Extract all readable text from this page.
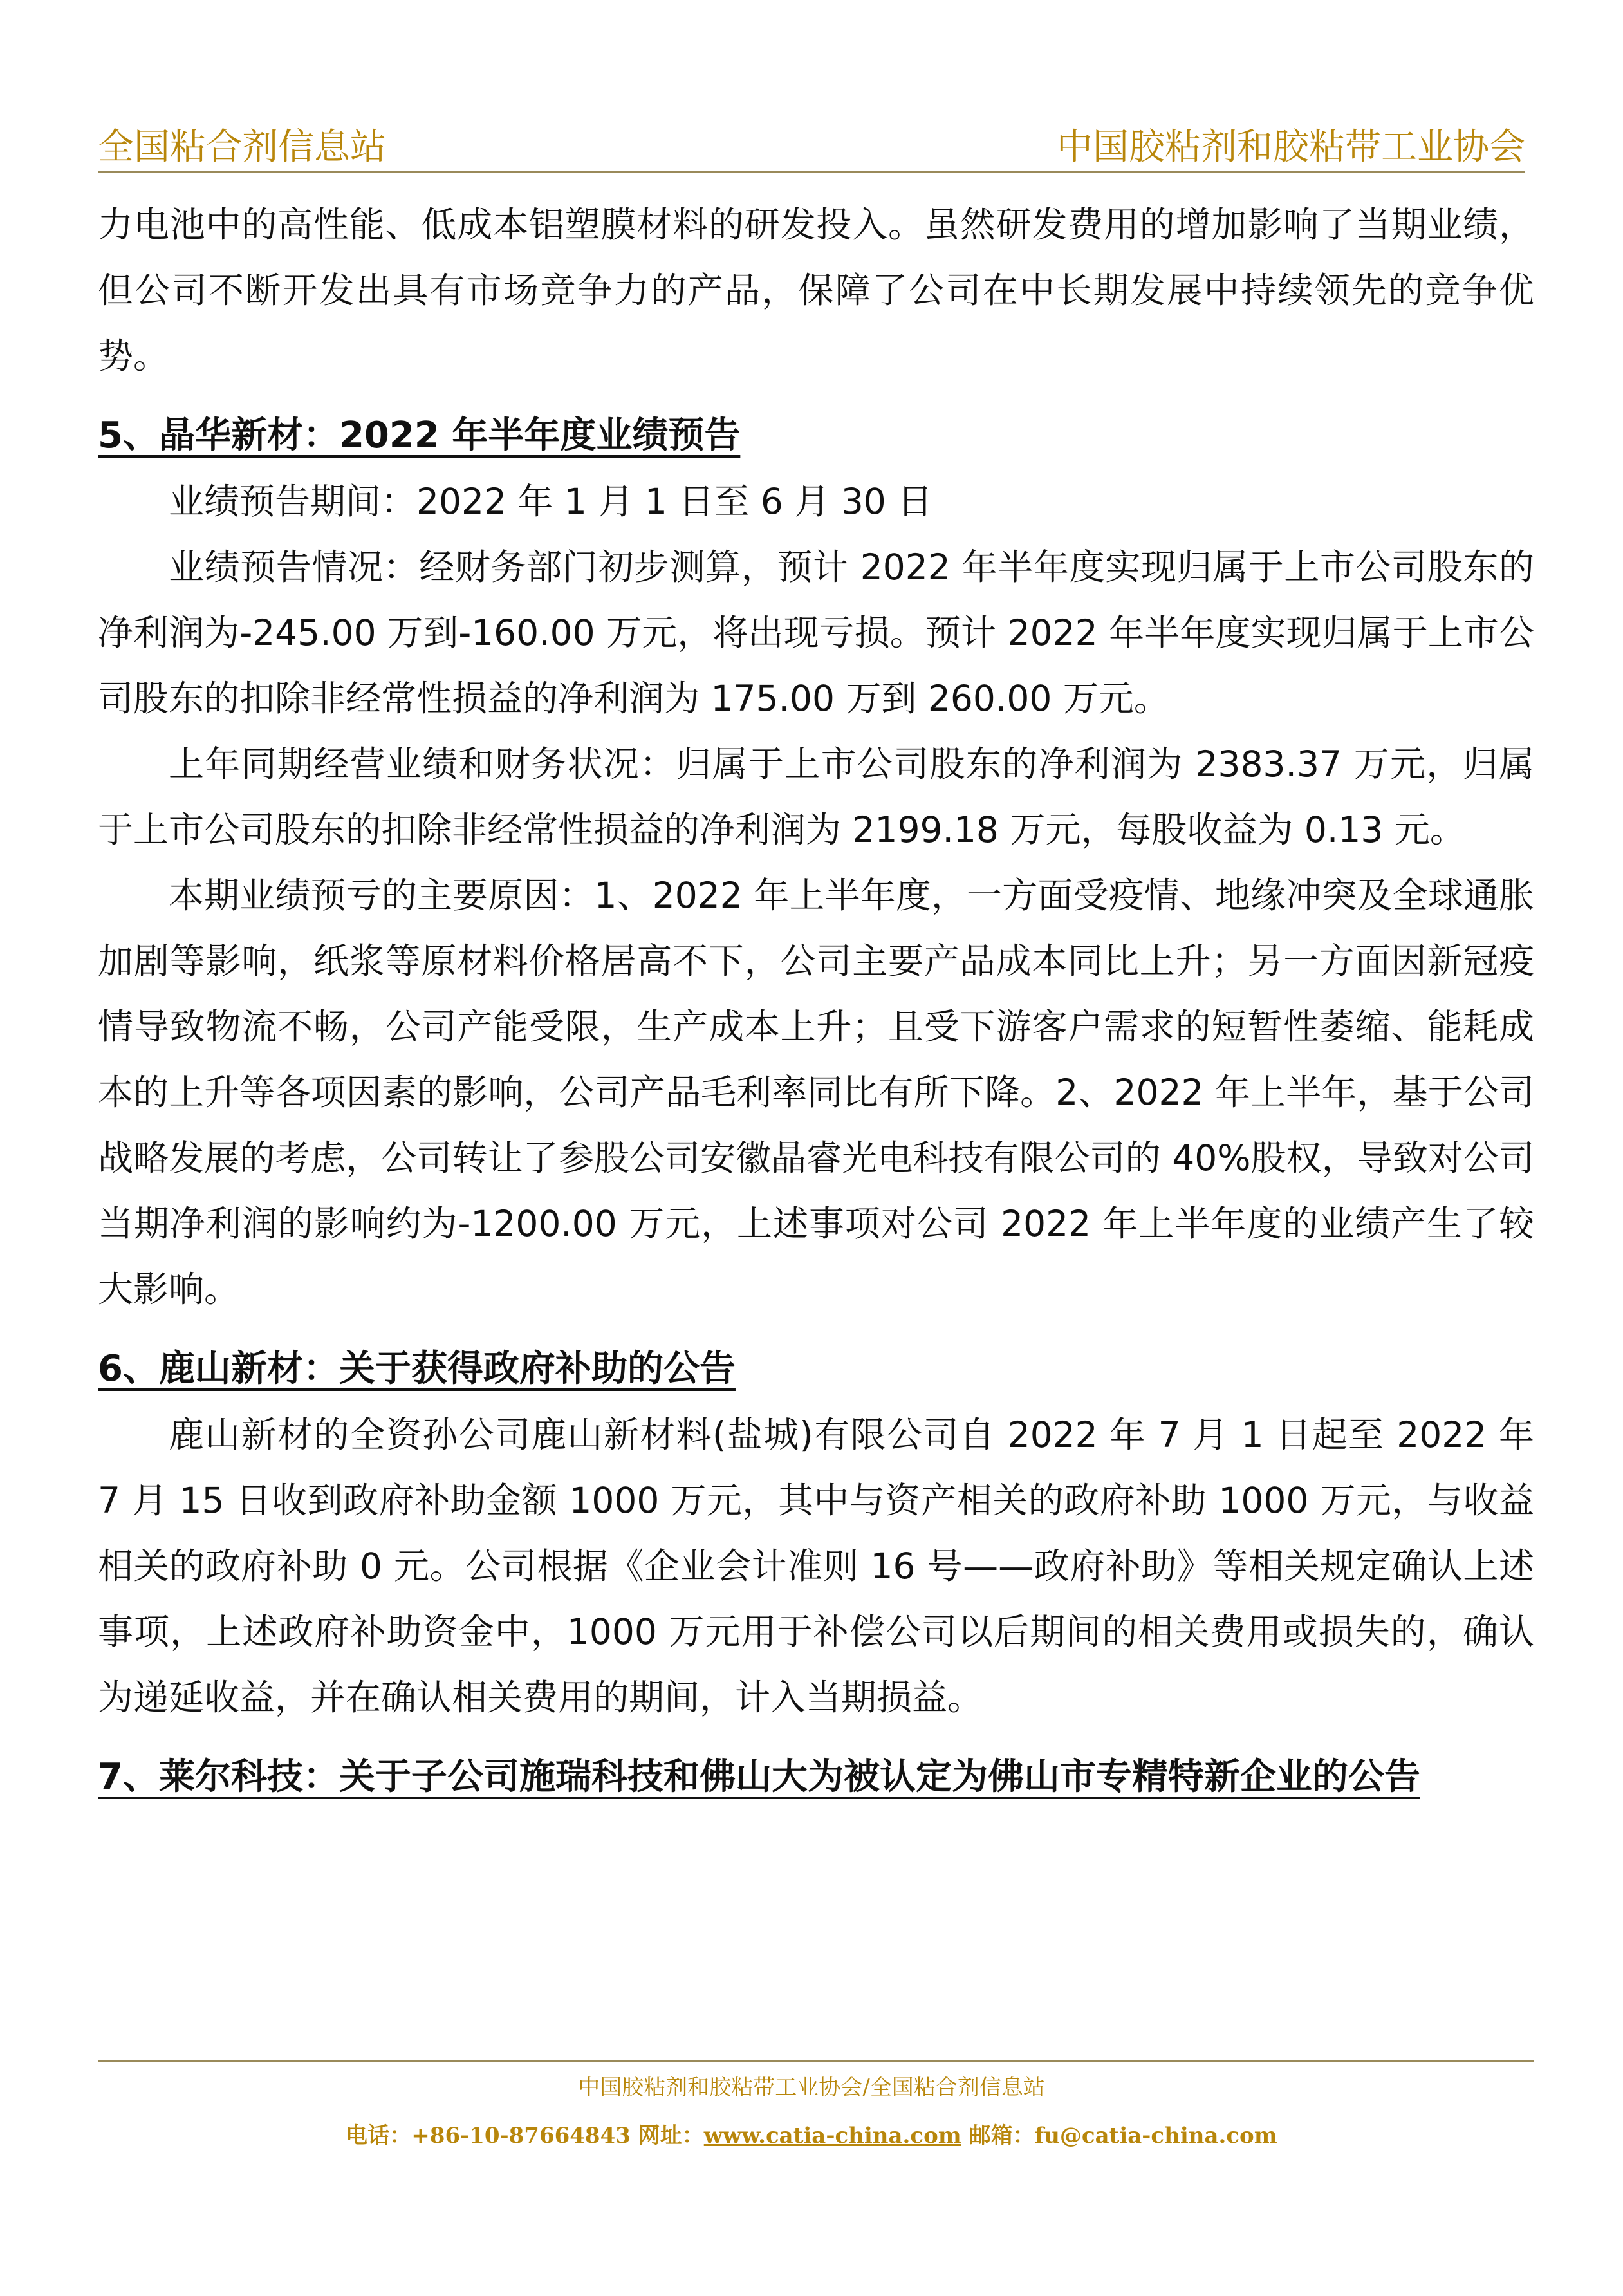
全国粘合剂信息站	中国胶粘剂和胶粘带工业协会

力电池中的高性能、低成本铝塑膜材料的研发投入。虽然研发费用的增加影响了当期业绩，但公司不断开发出具有市场竞争力的产品，保障了公司在中长期发展中持续领先的竞争优势。

5、晶华新材：2022 年半年度业绩预告

业绩预告期间：2022 年 1 月 1 日至 6 月 30 日

业绩预告情况：经财务部门初步测算，预计 2022 年半年度实现归属于上市公司股东的净利润为-245.00 万到-160.00 万元，将出现亏损。预计 2022 年半年度实现归属于上市公司股东的扣除非经常性损益的净利润为 175.00 万到 260.00 万元。

上年同期经营业绩和财务状况：归属于上市公司股东的净利润为 2383.37 万元，归属于上市公司股东的扣除非经常性损益的净利润为 2199.18 万元，每股收益为 0.13 元。

本期业绩预亏的主要原因：1、2022 年上半年度，一方面受疫情、地缘冲突及全球通胀加剧等影响，纸浆等原材料价格居高不下，公司主要产品成本同比上升；另一方面因新冠疫情导致物流不畅，公司产能受限，生产成本上升；且受下游客户需求的短暂性萎缩、能耗成本的上升等各项因素的影响，公司产品毛利率同比有所下降。2、2022 年上半年，基于公司战略发展的考虑，公司转让了参股公司安徽晶睿光电科技有限公司的 40%股权，导致对公司当期净利润的影响约为-1200.00 万元，上述事项对公司 2022 年上半年度的业绩产生了较大影响。

6、鹿山新材：关于获得政府补助的公告

鹿山新材的全资孙公司鹿山新材料(盐城)有限公司自 2022 年 7 月 1 日起至 2022 年 7 月 15 日收到政府补助金额 1000 万元，其中与资产相关的政府补助 1000 万元，与收益相关的政府补助 0 元。公司根据《企业会计准则 16 号——政府补助》等相关规定确认上述事项，上述政府补助资金中，1000 万元用于补偿公司以后期间的相关费用或损失的，确认为递延收益，并在确认相关费用的期间，计入当期损益。

7、莱尔科技：关于子公司施瑞科技和佛山大为被认定为佛山市专精特新企业的公告
中国胶粘剂和胶粘带工业协会/全国粘合剂信息站
电话：+86-10-87664843 网址：www.catia-china.com 邮箱：fu@catia-china.com
